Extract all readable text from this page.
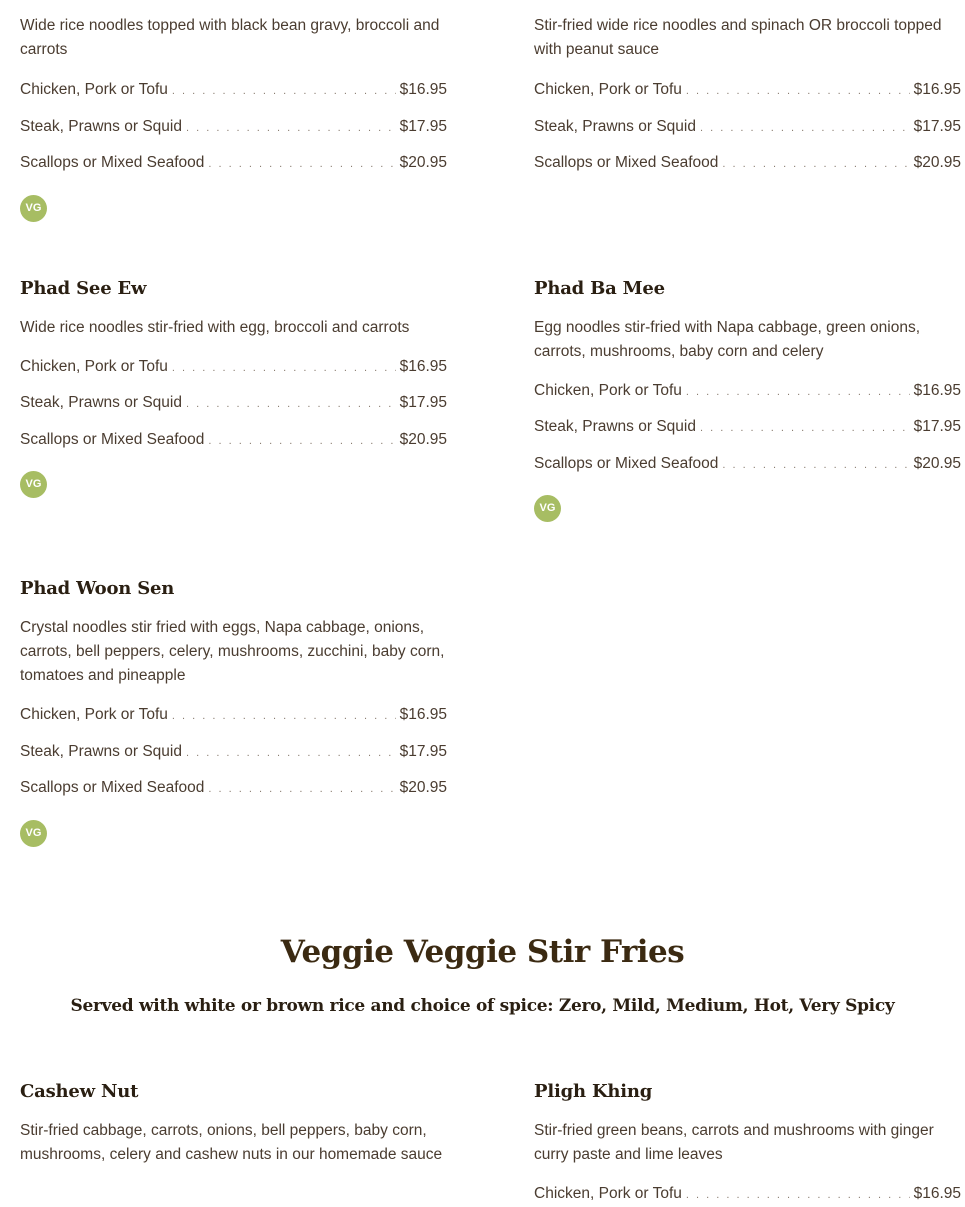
Wide rice noodles topped with black bean gravy, broccoli and carrots

Chicken, Pork or Tofu . . .	$16.95
Steak, Prawns or Squid . . .	$17.95
Scallops or Mixed Seafood . . .	$20.95
VG

Stir-fried wide rice noodles and spinach OR broccoli topped with peanut sauce

Chicken, Pork or Tofu . . .	$16.95
Steak, Prawns or Squid . . .	$17.95
Scallops or Mixed Seafood . . .	$20.95
Phad See Ew

Wide rice noodles stir-fried with egg, broccoli and carrots

Chicken, Pork or Tofu . . .	$16.95
Steak, Prawns or Squid . . .	$17.95
Scallops or Mixed Seafood . . .	$20.95
VG
Phad Ba Mee

Egg noodles stir-fried with Napa cabbage, green onions, carrots, mushrooms, baby corn and celery

Chicken, Pork or Tofu . . .	$16.95
Steak, Prawns or Squid . . .	$17.95
Scallops or Mixed Seafood . . .	$20.95
VG
Phad Woon Sen

Crystal noodles stir fried with eggs, Napa cabbage, onions, carrots, bell peppers, celery, mushrooms, zucchini, baby corn, tomatoes and pineapple

Chicken, Pork or Tofu . . .	$16.95
Steak, Prawns or Squid . . .	$17.95
Scallops or Mixed Seafood . . .	$20.95
VG
Veggie Veggie Stir Fries

Served with white or brown rice and choice of spice: Zero, Mild, Medium, Hot, Very Spicy

Cashew Nut

Stir-fried cabbage, carrots, onions, bell peppers, baby corn, mushrooms, celery and cashew nuts in our homemade sauce

Pligh Khing

Stir-fried green beans, carrots and mushrooms with ginger curry paste and lime leaves

Chicken, Pork or Tofu . . .	$16.95
